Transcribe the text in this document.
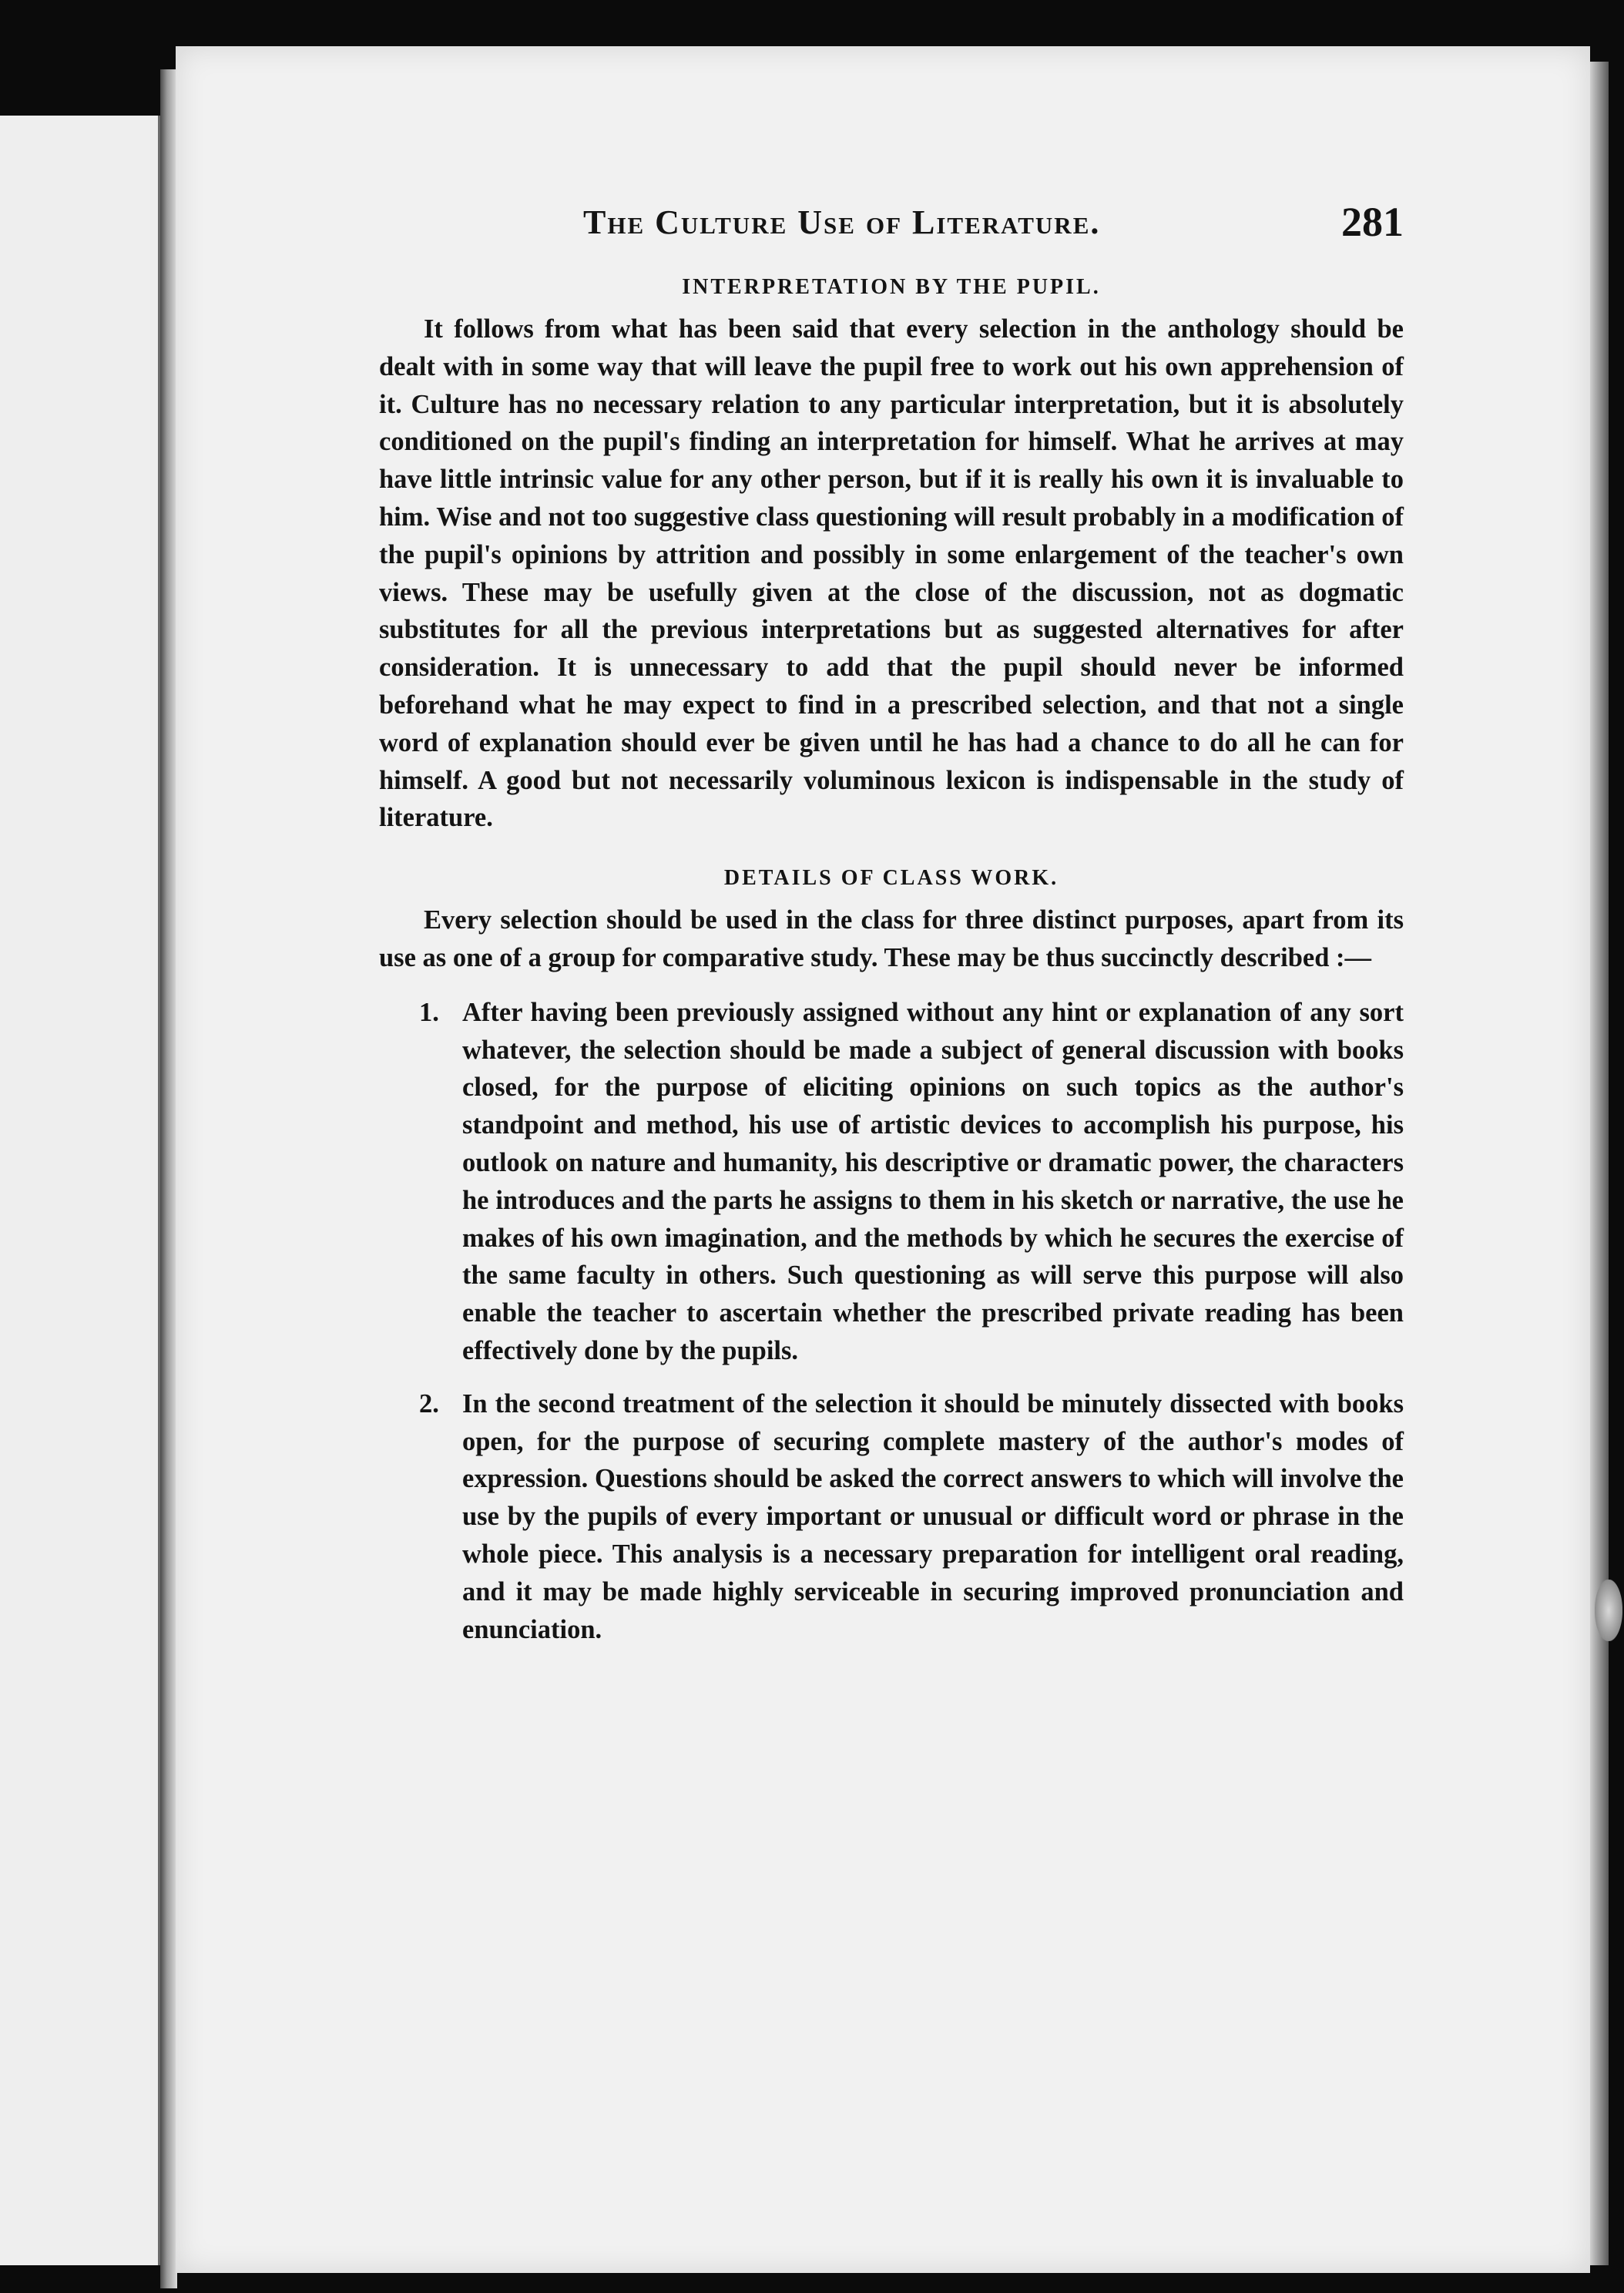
The Culture Use of Literature.	281
INTERPRETATION BY THE PUPIL.

It follows from what has been said that every selection in the anthology should be dealt with in some way that will leave the pupil free to work out his own apprehension of it. Culture has no necessary relation to any particular interpretation, but it is absolutely conditioned on the pupil's finding an interpretation for himself. What he arrives at may have little intrinsic value for any other person, but if it is really his own it is invaluable to him. Wise and not too suggestive class questioning will result probably in a modification of the pupil's opinions by attrition and possibly in some enlargement of the teacher's own views. These may be usefully given at the close of the discussion, not as dogmatic substitutes for all the previous interpretations but as suggested alternatives for after consideration. It is unnecessary to add that the pupil should never be informed beforehand what he may expect to find in a prescribed selection, and that not a single word of explanation should ever be given until he has had a chance to do all he can for himself. A good but not necessarily voluminous lexicon is indispensable in the study of literature.

DETAILS OF CLASS WORK.

Every selection should be used in the class for three distinct purposes, apart from its use as one of a group for comparative study. These may be thus succinctly described :—

1. After having been previously assigned without any hint or explanation of any sort whatever, the selection should be made a subject of general discussion with books closed, for the purpose of eliciting opinions on such topics as the author's standpoint and method, his use of artistic devices to accomplish his purpose, his outlook on nature and humanity, his descriptive or dramatic power, the characters he introduces and the parts he assigns to them in his sketch or narrative, the use he makes of his own imagination, and the methods by which he secures the exercise of the same faculty in others. Such questioning as will serve this purpose will also enable the teacher to ascertain whether the prescribed private reading has been effectively done by the pupils.

2. In the second treatment of the selection it should be minutely dissected with books open, for the purpose of securing complete mastery of the author's modes of expression. Questions should be asked the correct answers to which will involve the use by the pupils of every important or unusual or difficult word or phrase in the whole piece. This analysis is a necessary preparation for intelligent oral reading, and it may be made highly serviceable in securing improved pronunciation and enunciation.
